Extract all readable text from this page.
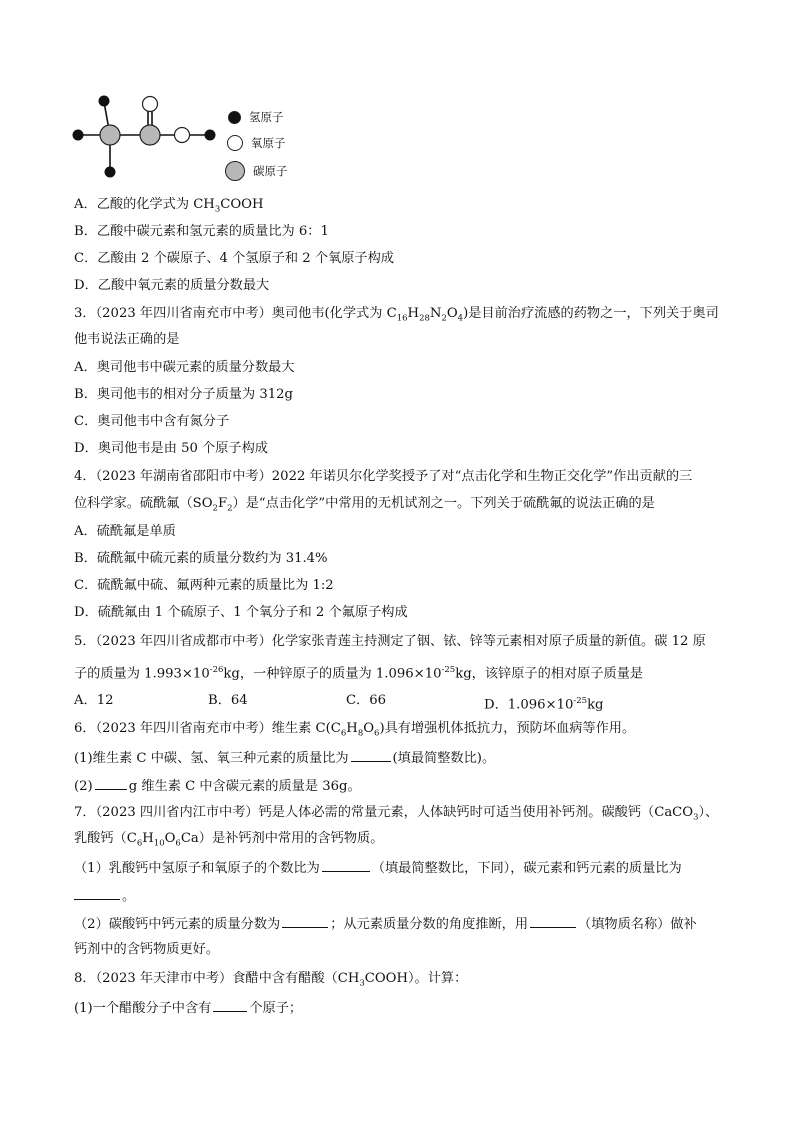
氢原子
氧原子
碳原子
A．乙酸的化学式为 $CH_3COOH$
B．乙酸中碳元素和氢元素的质量比为 6：1
C．乙酸由 2 个碳原子、4 个氢原子和 2 个氧原子构成
D．乙酸中氧元素的质量分数最大
3．（2023 年四川省南充市中考）奥司他韦(化学式为 $C_{16}H_{28}N_2O_4$)是目前治疗流感的药物之一，下列关于奥司
他韦说法正确的是
A．奥司他韦中碳元素的质量分数最大
B．奥司他韦的相对分子质量为 312g
C．奥司他韦中含有氮分子
D．奥司他韦是由 50 个原子构成
4．（2023 年湖南省邵阳市中考）2022 年诺贝尔化学奖授予了对“点击化学和生物正交化学”作出贡献的三
位科学家。硫酰氟$(SO_2F_2)$是“点击化学”中常用的无机试剂之一。下列关于硫酰氟的说法正确的是
A．硫酰氟是单质
B．硫酰氟中硫元素的质量分数约为 31.4%
C．硫酰氟中硫、氟两种元素的质量比为 1:2
D．硫酰氟由 1 个硫原子、1 个氧分子和 2 个氟原子构成
5．（2023 年四川省成都市中考）化学家张青莲主持测定了铟、铱、锌等元素相对原子质量的新值。碳 12 原
子的质量为 $1.993\times 10^{-26}kg$，一种锌原子的质量为 $1.096\times 10^{-25}kg$，该锌原子的相对原子质量是
A．12	B．64	C．66	D．$1.096\times 10^{-25}kg$
6．（2023 年四川省南充市中考）维生素 $C(C_6H_8O_6)$具有增强机体抵抗力，预防坏血病等作用。
(1)维生素 C 中碳、氢、氧三种元素的质量比为	(填最简整数比)。
(2)	g 维生素 C 中含碳元素的质量是 36g。
7．（2023 四川省内江市中考）钙是人体必需的常量元素，人体缺钙时可适当使用补钙剂。碳酸钙（CaCO$_3$）、
乳酸钙$(C_6H_{10}O_6Ca)$是补钙剂中常用的含钙物质。
（1）乳酸钙中氢原子和氧原子的个数比为	（填最简整数比，下同），碳元素和钙元素的质量比为
。
（2）碳酸钙中钙元素的质量分数为	；从元素质量分数的角度推断，用	（填物质名称）做补
钙剂中的含钙物质更好。
8．（2023 年天津市中考）食醋中含有醋酸$(CH_3COOH)$。计算：
(1)一个醋酸分子中含有	个原子；
